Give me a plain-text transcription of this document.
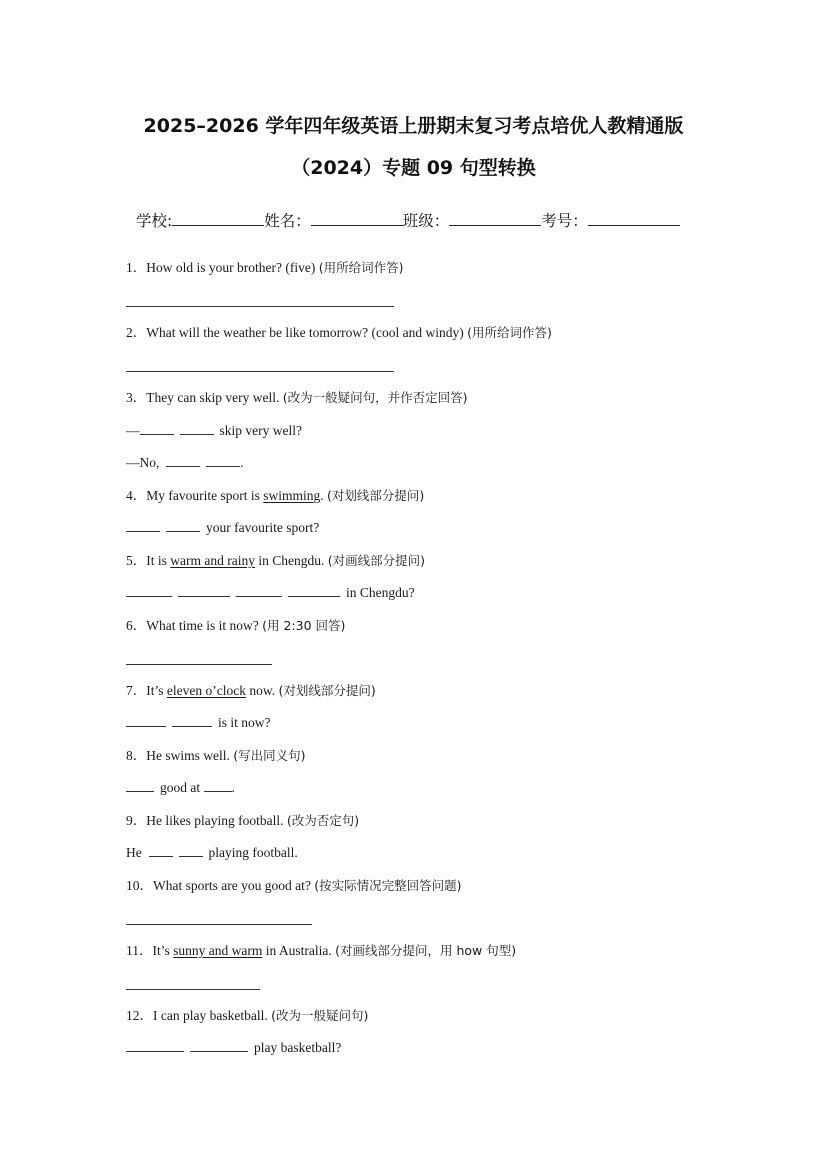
2025–2026 学年四年级英语上册期末复习考点培优人教精通版
（2024）专题 09 句型转换
学校:	姓名：	班级：	考号：
1．How old is your brother? (five) (用所给词作答)
2．What will the weather be like tomorrow? (cool and windy) (用所给词作答)
3．They can skip very well. (改为一般疑问句，并作否定回答)
—	skip very well?
—No,	.
4．My favourite sport is swimming. (对划线部分提问)
your favourite sport?
5．It is warm and rainy in Chengdu. (对画线部分提问)
in Chengdu?
6．What time is it now? (用 2:30 回答)
7．It’s eleven o’clock now. (对划线部分提问)
is it now?
8．He swims well. (写出同义句)
good at .
9．He likes playing football. (改为否定句)
He	playing football.
10．What sports are you good at? (按实际情况完整回答问题)
11．It’s sunny and warm in Australia. (对画线部分提问，用 how 句型)
12．I can play basketball. (改为一般疑问句)
play basketball?
